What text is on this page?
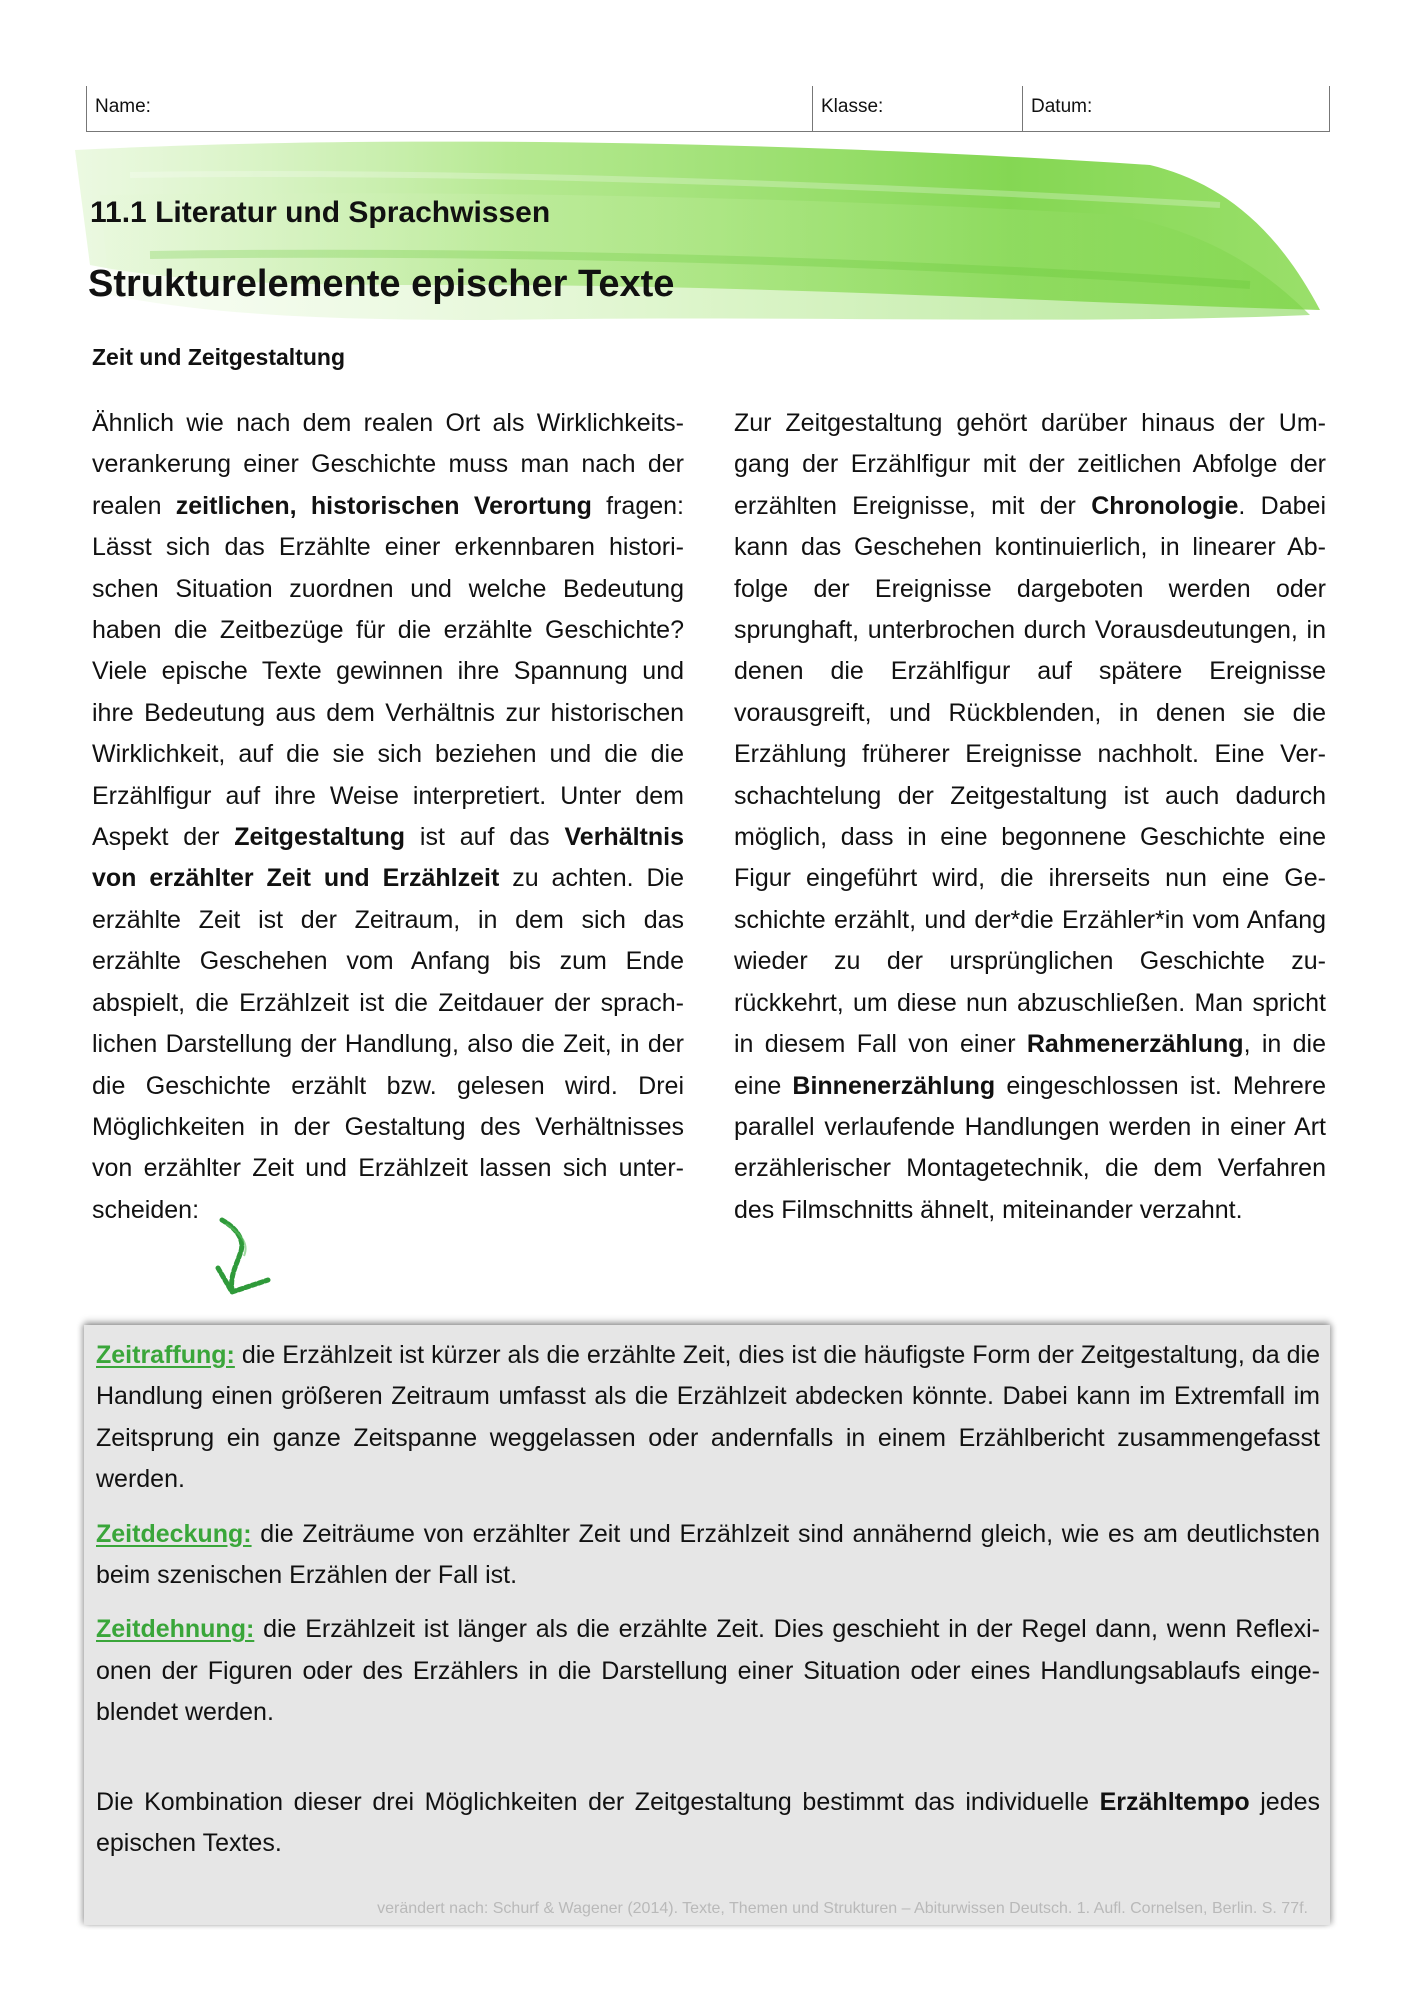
Name:	Klasse:	Datum:
11.1 Literatur und Sprachwissen
Strukturelemente epischer Texte
Zeit und Zeitgestaltung
Ähnlich wie nach dem realen Ort als Wirklichkeitsverankerung einer Geschichte muss man nach der realen zeitlichen, historischen Verortung fragen: Lässt sich das Erzählte einer erkennbaren historischen Situation zuordnen und welche Bedeutung haben die Zeitbezüge für die erzählte Geschichte? Viele epische Texte gewinnen ihre Spannung und ihre Bedeutung aus dem Verhältnis zur historischen Wirklichkeit, auf die sie sich beziehen und die die Erzählfigur auf ihre Weise interpretiert. Unter dem Aspekt der Zeitgestaltung ist auf das Verhältnis von erzählter Zeit und Erzählzeit zu achten. Die erzählte Zeit ist der Zeitraum, in dem sich das erzählte Geschehen vom Anfang bis zum Ende abspielt, die Erzählzeit ist die Zeitdauer der sprachlichen Darstellung der Handlung, also die Zeit, in der die Geschichte erzählt bzw. gelesen wird. Drei Möglichkeiten in der Gestaltung des Verhältnisses von erzählter Zeit und Erzählzeit lassen sich unterscheiden:
Zur Zeitgestaltung gehört darüber hinaus der Umgang der Erzählfigur mit der zeitlichen Abfolge der erzählten Ereignisse, mit der Chronologie. Dabei kann das Geschehen kontinuierlich, in linearer Abfolge der Ereignisse dargeboten werden oder sprunghaft, unterbrochen durch Vorausdeutungen, in denen die Erzählfigur auf spätere Ereignisse vorausgreift, und Rückblenden, in denen sie die Erzählung früherer Ereignisse nachholt. Eine Verschachtelung der Zeitgestaltung ist auch dadurch möglich, dass in eine begonnene Geschichte eine Figur eingeführt wird, die ihrerseits nun eine Geschichte erzählt, und der*die Erzähler*in vom Anfang wieder zu der ursprünglichen Geschichte zurückkehrt, um diese nun abzuschließen. Man spricht in diesem Fall von einer Rahmenerzählung, in die eine Binnenerzählung eingeschlossen ist. Mehrere parallel verlaufende Handlungen werden in einer Art erzählerischer Montagetechnik, die dem Verfahren des Filmschnitts ähnelt, miteinander verzahnt.

Zeitraffung: die Erzählzeit ist kürzer als die erzählte Zeit, dies ist die häufigste Form der Zeitgestaltung, da die Handlung einen größeren Zeitraum umfasst als die Erzählzeit abdecken könnte. Dabei kann im Extremfall im Zeitsprung ein ganze Zeitspanne weggelassen oder andernfalls in einem Erzählbericht zusammengefasst werden.

Zeitdeckung: die Zeiträume von erzählter Zeit und Erzählzeit sind annähernd gleich, wie es am deutlichsten beim szenischen Erzählen der Fall ist.

Zeitdehnung: die Erzählzeit ist länger als die erzählte Zeit. Dies geschieht in der Regel dann, wenn Reflexionen der Figuren oder des Erzählers in die Darstellung einer Situation oder eines Handlungsablaufs eingeblendet werden.

Die Kombination dieser drei Möglichkeiten der Zeitgestaltung bestimmt das individuelle Erzähltempo jedes epischen Textes.

verändert nach: Schurf & Wagener (2014). Texte, Themen und Strukturen – Abiturwissen Deutsch. 1. Aufl. Cornelsen, Berlin. S. 77f.
